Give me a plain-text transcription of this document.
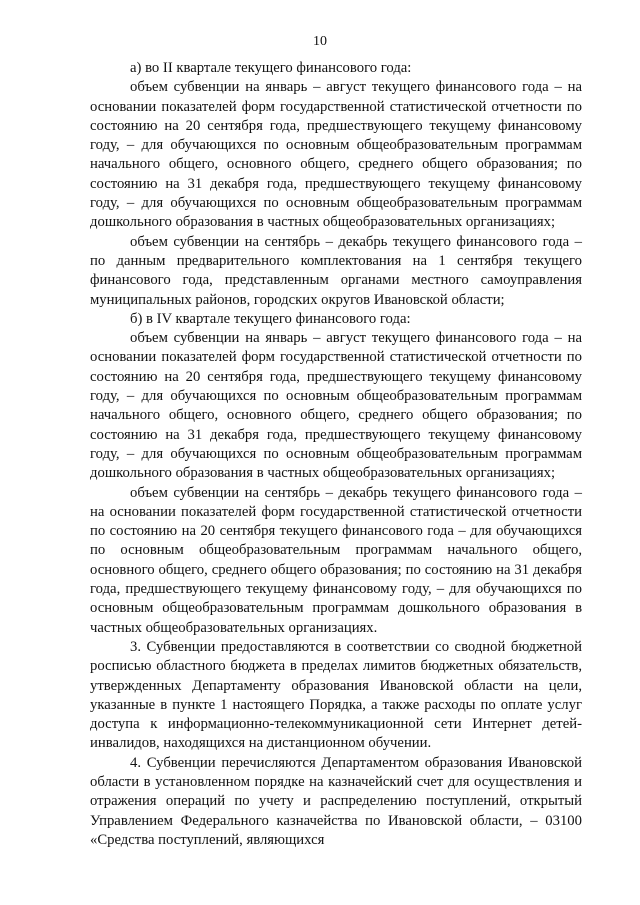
10

а) во II квартале текущего финансового года:

объем субвенции на январь – август текущего финансового года – на основании показателей форм государственной статистической отчетности по состоянию на 20 сентября года, предшествующего текущему финансовому году, – для обучающихся по основным общеобразовательным программам начального общего, основного общего, среднего общего образования; по состоянию на 31 декабря года, предшествующего текущему финансовому году, – для обучающихся по основным общеобразовательным программам дошкольного образования в частных общеобразовательных организациях;

объем субвенции на сентябрь – декабрь текущего финансового года – по данным предварительного комплектования на 1 сентября текущего финансового года, представленным органами местного самоуправления муниципальных районов, городских округов Ивановской области;

б) в IV квартале текущего финансового года:

объем субвенции на январь – август текущего финансового года – на основании показателей форм государственной статистической отчетности по состоянию на 20 сентября года, предшествующего текущему финансовому году, – для обучающихся по основным общеобразовательным программам начального общего, основного общего, среднего общего образования; по состоянию на 31 декабря года, предшествующего текущему финансовому году, – для обучающихся по основным общеобразовательным программам дошкольного образования в частных общеобразовательных организациях;

объем субвенции на сентябрь – декабрь текущего финансового года – на основании показателей форм государственной статистической отчетности по состоянию на 20 сентября текущего финансового года – для обучающихся по основным общеобразовательным программам начального общего, основного общего, среднего общего образования; по состоянию на 31 декабря года, предшествующего текущему финансовому году, – для обучающихся по основным общеобразовательным программам дошкольного образования в частных общеобразовательных организациях.

3. Субвенции предоставляются в соответствии со сводной бюджетной росписью областного бюджета в пределах лимитов бюджетных обязательств, утвержденных Департаменту образования Ивановской области на цели, указанные в пункте 1 настоящего Порядка, а также расходы по оплате услуг доступа к информационно-телекоммуникационной сети Интернет детей-инвалидов, находящихся на дистанционном обучении.

4. Субвенции перечисляются Департаментом образования Ивановской области в установленном порядке на казначейский счет для осуществления и отражения операций по учету и распределению поступлений, открытый Управлением Федерального казначейства по Ивановской области, – 03100 «Средства поступлений, являющихся
